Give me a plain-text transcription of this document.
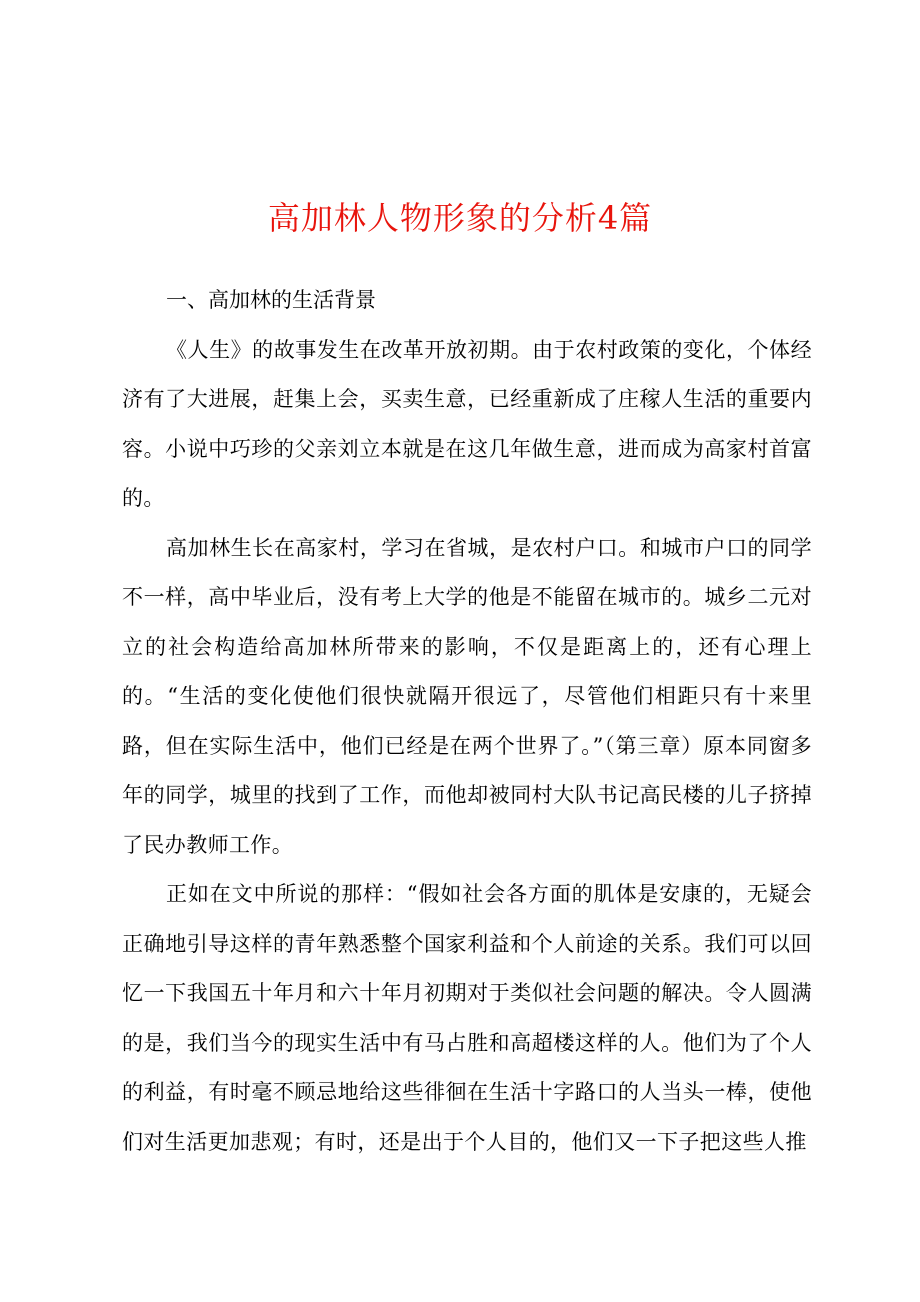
高加林人物形象的分析4篇

一、高加林的生活背景

《人生》的故事发生在改革开放初期。由于农村政策的变化，个体经济有了大进展，赶集上会，买卖生意，已经重新成了庄稼人生活的重要内容。小说中巧珍的父亲刘立本就是在这几年做生意，进而成为高家村首富的。

高加林生长在高家村，学习在省城，是农村户口。和城市户口的同学不一样，高中毕业后，没有考上大学的他是不能留在城市的。城乡二元对立的社会构造给高加林所带来的影响，不仅是距离上的，还有心理上的。“生活的变化使他们很快就隔开很远了，尽管他们相距只有十来里路，但在实际生活中，他们已经是在两个世界了。”（第三章）原本同窗多年的同学，城里的找到了工作，而他却被同村大队书记高民楼的儿子挤掉了民办教师工作。

正如在文中所说的那样：“假如社会各方面的肌体是安康的，无疑会正确地引导这样的青年熟悉整个国家利益和个人前途的关系。我们可以回忆一下我国五十年月和六十年月初期对于类似社会问题的解决。令人圆满的是，我们当今的现实生活中有马占胜和高超楼这样的人。他们为了个人的利益，有时毫不顾忌地给这些徘徊在生活十字路口的人当头一棒，使他们对生活更加悲观；有时，还是出于个人目的，他们又一下子把这些人推
